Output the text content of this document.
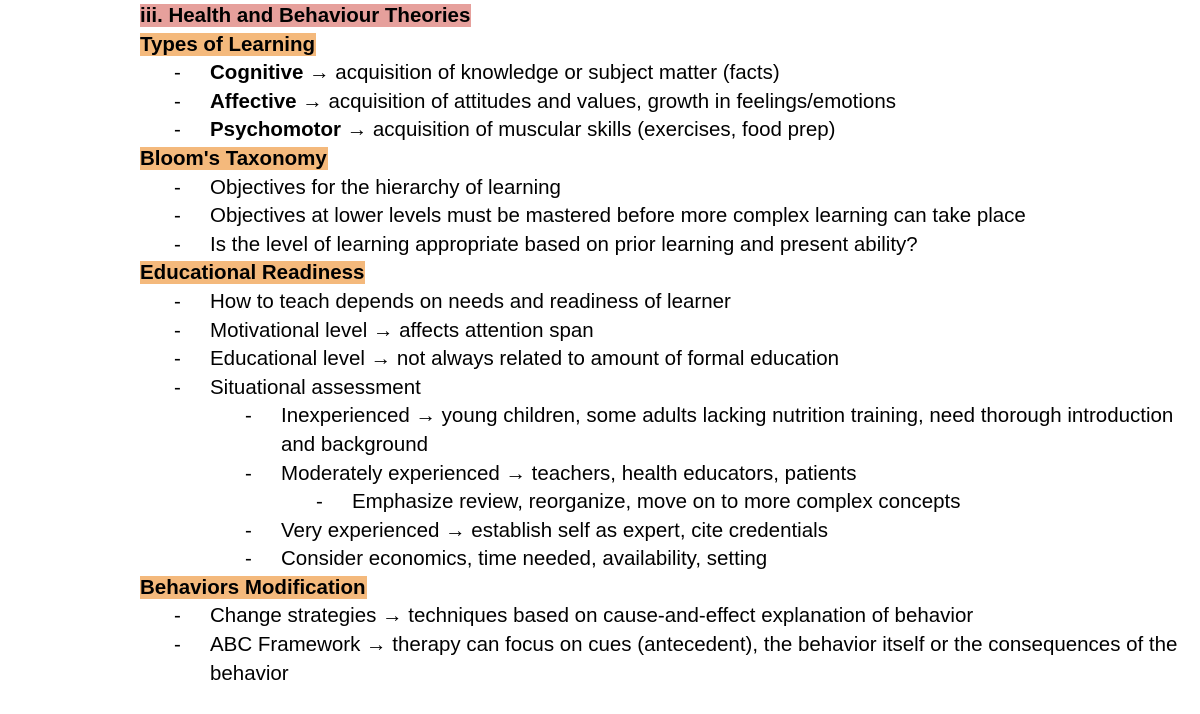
iii. Health and Behaviour Theories
Types of Learning
- Cognitive → acquisition of knowledge or subject matter (facts)
- Affective → acquisition of attitudes and values, growth in feelings/emotions
- Psychomotor → acquisition of muscular skills (exercises, food prep)
Bloom's Taxonomy
- Objectives for the hierarchy of learning
- Objectives at lower levels must be mastered before more complex learning can take place
- Is the level of learning appropriate based on prior learning and present ability?
Educational Readiness
- How to teach depends on needs and readiness of learner
- Motivational level → affects attention span
- Educational level → not always related to amount of formal education
- Situational assessment
- Inexperienced → young children, some adults lacking nutrition training, need thorough introduction and background
- Moderately experienced → teachers, health educators, patients
- Emphasize review, reorganize, move on to more complex concepts
- Very experienced → establish self as expert, cite credentials
- Consider economics, time needed, availability, setting
Behaviors Modification
- Change strategies → techniques based on cause-and-effect explanation of behavior
- ABC Framework → therapy can focus on cues (antecedent), the behavior itself or the consequences of the behavior
